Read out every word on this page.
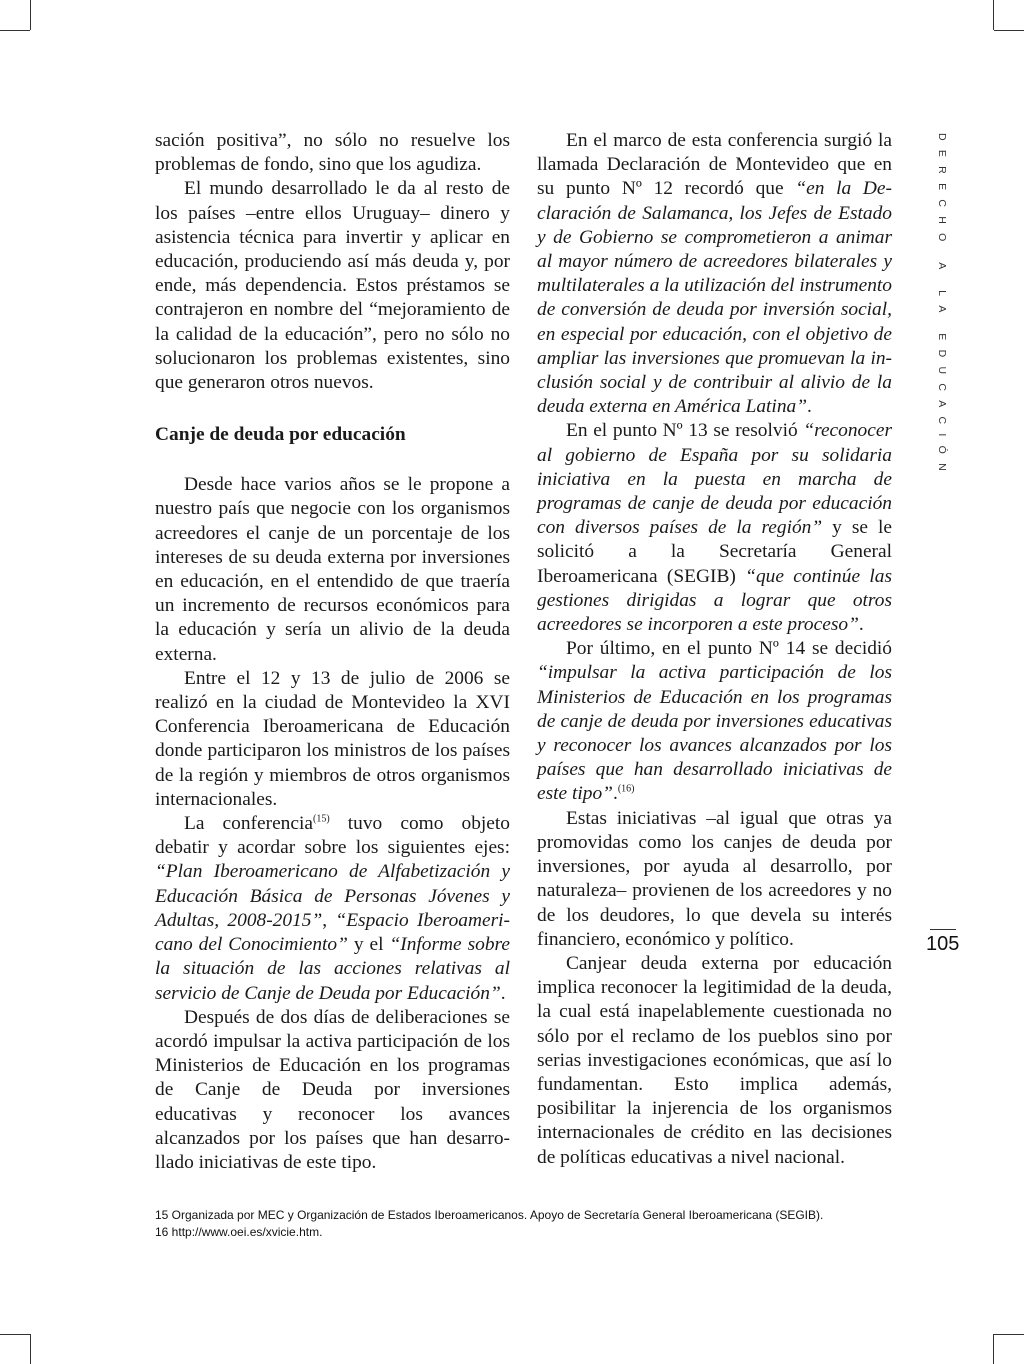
sación positiva”, no sólo no resuelve los problemas de fondo, sino que los agudiza.

El mundo desarrollado le da al resto de los países –entre ellos Uruguay– dinero y asistencia técnica para invertir y aplicar en educación, produciendo así más deuda y, por ende, más dependencia. Estos préstamos se contrajeron en nombre del “mejoramiento de la calidad de la educación”, pero no sólo no solucionaron los problemas existentes, sino que generaron otros nuevos.

Canje de deuda por educación

Desde hace varios años se le propone a nuestro país que negocie con los organismos acreedores el canje de un porcentaje de los intereses de su deuda externa por inversiones en educación, en el entendido de que traería un incremento de recursos económicos para la educación y sería un alivio de la deuda externa.

Entre el 12 y 13 de julio de 2006 se realizó en la ciudad de Montevideo la XVI Conferencia Iberoamericana de Educación donde participaron los ministros de los países de la región y miembros de otros organismos internacionales.

La conferencia$^{(15)}$ tuvo como objeto debatir y acordar sobre los siguientes ejes: “Plan Iberoamericano de Alfabetización y Educación Básica de Personas Jóvenes y Adultas, 2008-2015”, “Espacio Iberoamericano del Conocimiento” y el “Informe sobre la situación de las acciones relativas al servicio de Canje de Deuda por Educación”.

Después de dos días de deliberaciones se acordó impulsar la activa participación de los Ministerios de Educación en los programas de Canje de Deuda por inversiones educativas y reconocer los avances alcanzados por los países que han desarrollado iniciativas de este tipo.

En el marco de esta conferencia surgió la llamada Declaración de Montevideo que en su punto Nº 12 recordó que “en la Declaración de Salamanca, los Jefes de Estado y de Gobierno se comprometieron a animar al mayor número de acreedores bilaterales y multilaterales a la utilización del instrumento de conversión de deuda por inversión social, en especial por educación, con el objetivo de ampliar las inversiones que promuevan la inclusión social y de contribuir al alivio de la deuda externa en América Latina”.

En el punto Nº 13 se resolvió “reconocer al gobierno de España por su solidaria iniciativa en la puesta en marcha de programas de canje de deuda por educación con diversos países de la región” y se le solicitó a la Secretaría General Iberoamericana (SEGIB) “que continúe las gestiones dirigidas a lograr que otros acreedores se incorporen a este proceso”.

Por último, en el punto Nº 14 se decidió “impulsar la activa participación de los Ministerios de Educación en los programas de canje de deuda por inversiones educativas y reconocer los avances alcanzados por los países que han desarrollado iniciativas de este tipo”.$^{(16)}$

Estas iniciativas –al igual que otras ya promovidas como los canjes de deuda por inversiones, por ayuda al desarrollo, por naturaleza– provienen de los acreedores y no de los deudores, lo que devela su interés financiero, económico y político.

Canjear deuda externa por educación implica reconocer la legitimidad de la deuda, la cual está inapelablemente cuestionada no sólo por el reclamo de los pueblos sino por serias investigaciones económicas, que así lo fundamentan. Esto implica además, posibilitar la injerencia de los organismos internacionales de crédito en las decisiones de políticas educativas a nivel nacional.

DERECHO A LA EDUCACIÓN
105
15 Organizada por MEC y Organización de Estados Iberoamericanos. Apoyo de Secretaría General Iberoamericana (SEGIB).
16 http://www.oei.es/xvicie.htm.
